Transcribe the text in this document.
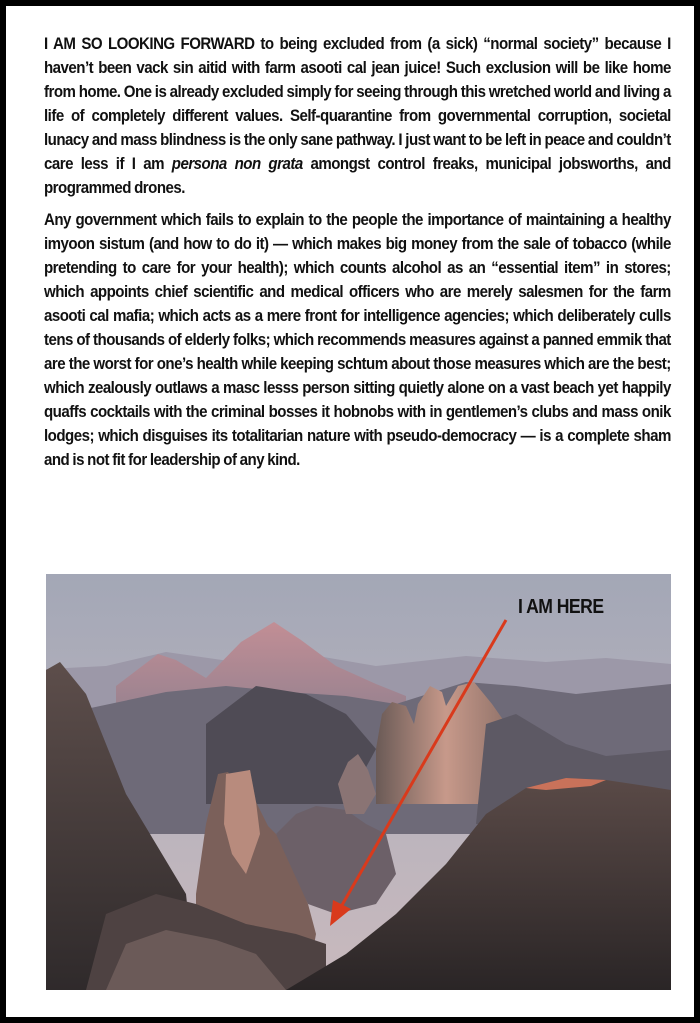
I AM SO LOOKING FORWARD to being excluded from (a sick) “normal society” because I haven’t been vack sin aitid with farm asooti cal jean juice! Such exclusion will be like home from home. One is already excluded simply for seeing through this wretched world and living a life of completely different values. Self-quarantine from governmental corruption, societal lunacy and mass blindness is the only sane pathway. I just want to be left in peace and couldn’t care less if I am persona non grata amongst control freaks, municipal jobsworths, and programmed drones.

Any government which fails to explain to the people the importance of maintaining a healthy imyoon sistum (and how to do it) — which makes big money from the sale of tobacco (while pretending to care for your health); which counts alcohol as an “essential item” in stores; which appoints chief scientific and medical officers who are merely salesmen for the farm asooti cal mafia; which acts as a mere front for intelligence agencies; which deliberately culls tens of thousands of elderly folks; which recommends measures against a panned emmik that are the worst for one’s health while keeping schtum about those measures which are the best; which zealously outlaws a masc lesss person sitting quietly alone on a vast beach yet happily quaffs cocktails with the criminal bosses it hobnobs with in gentlemen’s clubs and mass onik lodges; which disguises its totalitarian nature with pseudo-democracy — is a complete sham and is not fit for leadership of any kind.

I AM HERE
